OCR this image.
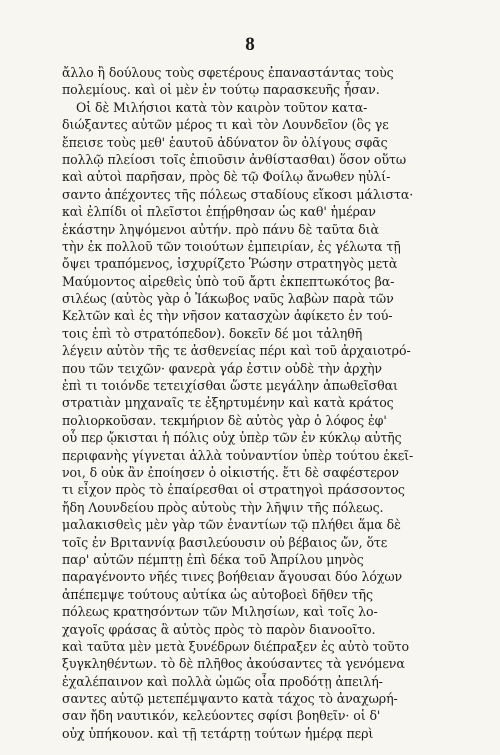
8
ἄλλο ἢ δούλους τοὺς σφετέρους ἐπαναστάντας τοὺς
πολεμίους. καὶ οἱ μὲν ἐν τούτῳ παρασκευῆς ἦσαν.
Οἱ δὲ Μιλήσιοι κατὰ τὸν καιρὸν τοῦτον κατα-
διώξαντες αὐτῶν μέρος τι καὶ τὸν Λουνδεῖον (ὃς γε
ἔπεισε τοὺς μεθ' ἑαυτοῦ ἀδύνατον ὂν ὀλίγους σφᾶς
πολλῷ πλείοσι τοῖς ἐπιοῦσιν ἀνθίστασθαι) ὅσον οὕτω
καὶ αὐτοὶ παρῆσαν, πρὸς δὲ τῷ Φοίλῳ ἄνωθεν ηὐλί-
σαντο ἀπέχοντες τῆς πόλεως σταδίους εἴκοσι μάλιστα·
καὶ ἐλπίδι οἱ πλεῖστοι ἐπῄρθησαν ὡς καθ' ἡμέραν
ἑκάστην ληψόμενοι αὐτήν. πρὸ πάνυ δὲ ταῦτα διὰ
τὴν ἐκ πολλοῦ τῶν τοιούτων ἐμπειρίαν, ἐς γέλωτα τῇ
ὄψει τραπόμενος, ἰσχυρίζετο Ῥώσην στρατηγὸς μετὰ
Μαύμοντος αἱρεθεὶς ὑπὸ τοῦ ἄρτι ἐκπεπτωκότος βα-
σιλέως (αὐτὸς γὰρ ὁ Ἰάκωβος ναῦς λαβὼν παρὰ τῶν
Κελτῶν καὶ ἐς τὴν νῆσον κατασχὼν ἀφίκετο ἐν τού-
τοις ἐπὶ τὸ στρατόπεδον). δοκεῖν δέ μοι τἀληθῆ
λέγειν αὐτὸν τῆς τε ἀσθενείας πέρι καὶ τοῦ ἀρχαιοτρό-
που τῶν τειχῶν· φανερὰ γάρ ἐστιν οὐδὲ τὴν ἀρχὴν
ἐπὶ τι τοιόνδε τετειχίσθαι ὥστε μεγάλην ἀπωθεῖσθαι
στρατιὰν μηχαναῖς τε ἐξηρτυμένην καὶ κατὰ κράτος
πολιορκοῦσαν. τεκμήριον δὲ αὐτὸς γὰρ ὁ λόφος ἐφ'
οὗ περ ᾤκισται ἡ πόλις οὐχ ὑπὲρ τῶν ἐν κύκλῳ αὐτῆς
περιφανὴς γίγνεται ἀλλὰ τοὐναντίον ὑπὲρ τούτου ἐκεῖ-
νοι, δ οὐκ ἂν ἐποίησεν ὁ οἰκιστής. ἔτι δὲ σαφέστερον
τι εἶχον πρὸς τὸ ἐπαίρεσθαι οἱ στρατηγοὶ πράσσοντος
ἤδη Λουνδείου πρὸς αὐτοὺς τὴν λῆψιν τῆς πόλεως.
μαλακισθεὶς μὲν γὰρ τῶν ἐναντίων τῷ πλήθει ἅμα δὲ
τοῖς ἐν Βριταννίᾳ βασιλεύουσιν οὐ βέβαιος ὤν, ὅτε
παρ' αὐτῶν πέμπτῃ ἐπὶ δέκα τοῦ Ἀπρίλου μηνὸς
παραγένοντο νῆές τινες βοήθειαν ἄγουσαι δύο λόχων
ἀπέπεμψε τούτους αὐτίκα ὡς αὐτοβοεὶ δῆθεν τῆς
πόλεως κρατησόντων τῶν Μιλησίων, καὶ τοῖς λο-
χαγοῖς φράσας ἃ αὐτὸς πρὸς τὸ παρὸν διανοοῖτο.
καὶ ταῦτα μὲν μετὰ ξυνέδρων διέπραξεν ἐς αὐτὸ τοῦτο
ξυγκληθέντων. τὸ δὲ πλῆθος ἀκούσαντες τὰ γενόμενα
ἐχαλέπαινον καὶ πολλὰ ὠμῶς οἷα προδότῃ ἀπειλή-
σαντες αὐτῷ μετεπέμψαντο κατὰ τάχος τὸ ἀναχωρή-
σαν ἤδη ναυτικόν, κελεύοντες σφίσι βοηθεῖν· οἱ δ'
οὐχ ὑπήκουον. καὶ τῇ τετάρτῃ τούτων ἡμέρᾳ περὶ
